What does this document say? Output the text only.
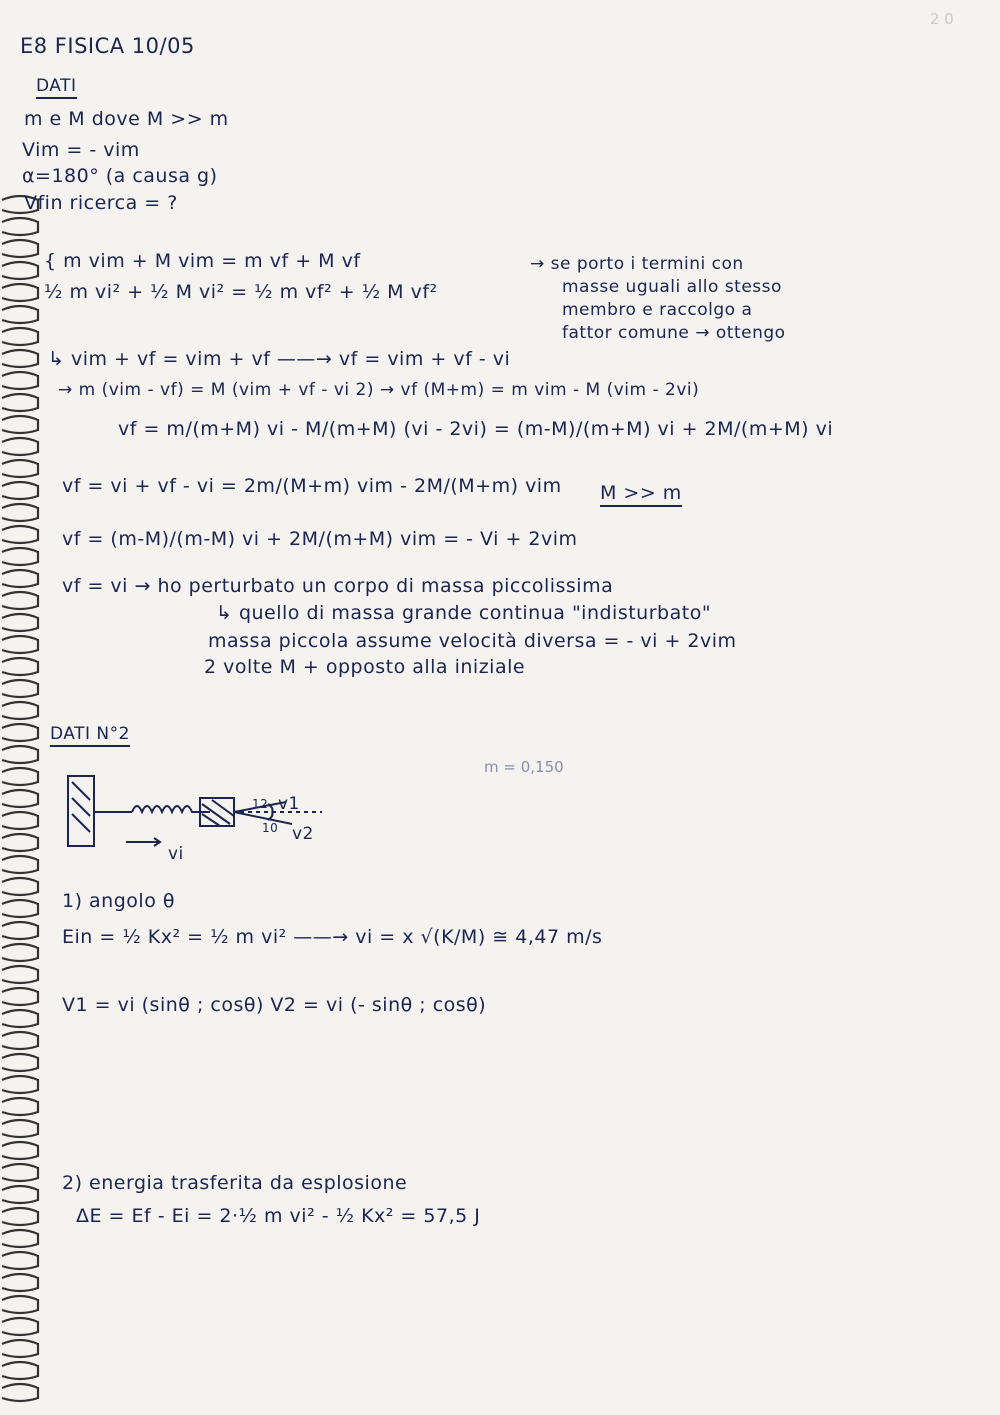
2 0
E8 FISICA 10/05
DATI
m e M dove M >> m
Vim = - vim
α=180° (a causa g)
Vfin ricerca = ?
{ m vim + M vim = m vf + M vf
½ m vi² + ½ M vi² = ½ m vf² + ½ M vf²
→ se porto i termini con
masse uguali allo stesso
membro e raccolgo a
fattor comune → ottengo
↳ vim + vf = vim + vf ——→ vf = vim + vf - vi
→ m (vim - vf) = M (vim + vf - vi 2) → vf (M+m) = m vim - M (vim - 2vi)
vf = m/(m+M) vi - M/(m+M) (vi - 2vi) = (m-M)/(m+M) vi + 2M/(m+M) vi
vf = vi + vf - vi = 2m/(M+m) vim - 2M/(M+m) vim M >> m
vf = (m-M)/(m-M) vi + 2M/(m+M) vim = - Vi + 2vim
vf = vi → ho perturbato un corpo di massa piccolissima
↳ quello di massa grande continua "indisturbato"
massa piccola assume velocità diversa = - vi + 2vim
2 volte M + opposto alla iniziale
DATI N°2
m = 0,150
v1
v2
vi
12
10
1) angolo θ
Ein = ½ Kx² = ½ m vi² ——→ vi = x √(K/M) ≅ 4,47 m/s
V1 = vi (sinθ ; cosθ) V2 = vi (- sinθ ; cosθ)
2) energia trasferita da esplosione
ΔE = Ef - Ei = 2·½ m vi² - ½ Kx² = 57,5 J
